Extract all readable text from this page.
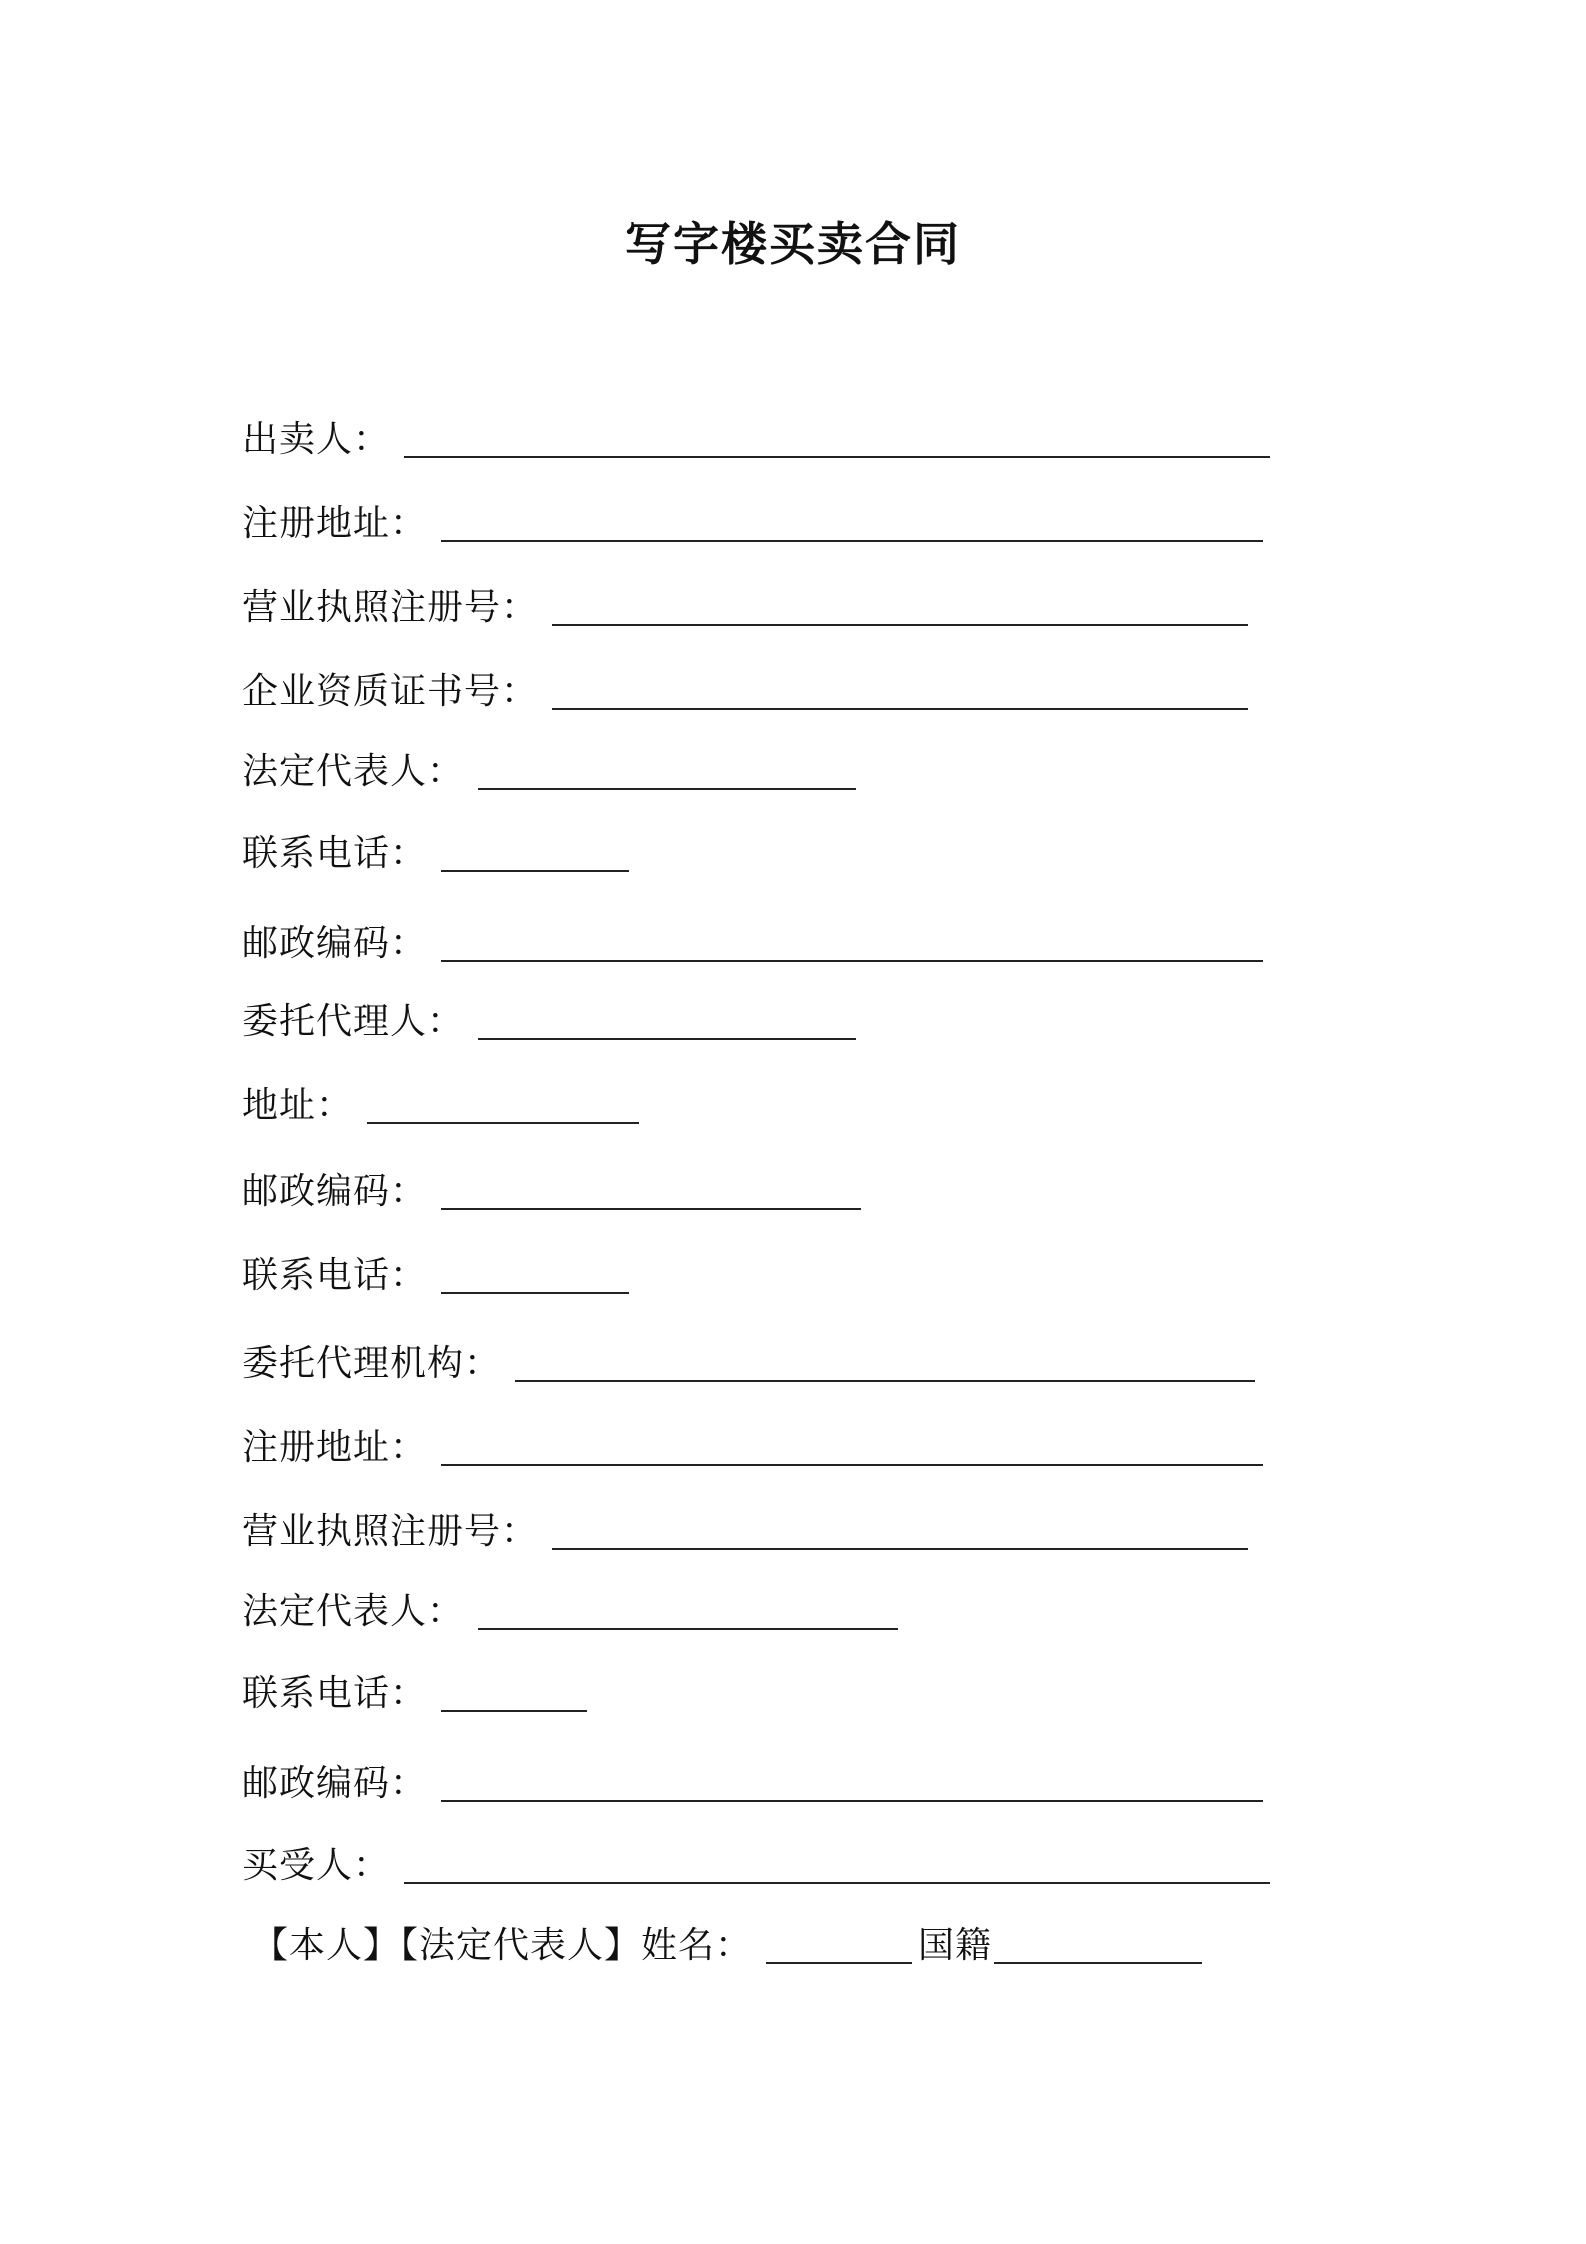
写字楼买卖合同
出卖人：
注册地址：
营业执照注册号：
企业资质证书号：
法定代表人：
联系电话：
邮政编码：
委托代理人：
地址：
邮政编码：
联系电话：
委托代理机构：
注册地址：
营业执照注册号：
法定代表人：
联系电话：
邮政编码：
买受人：
【本人】【法定代表人】姓名：	国籍
